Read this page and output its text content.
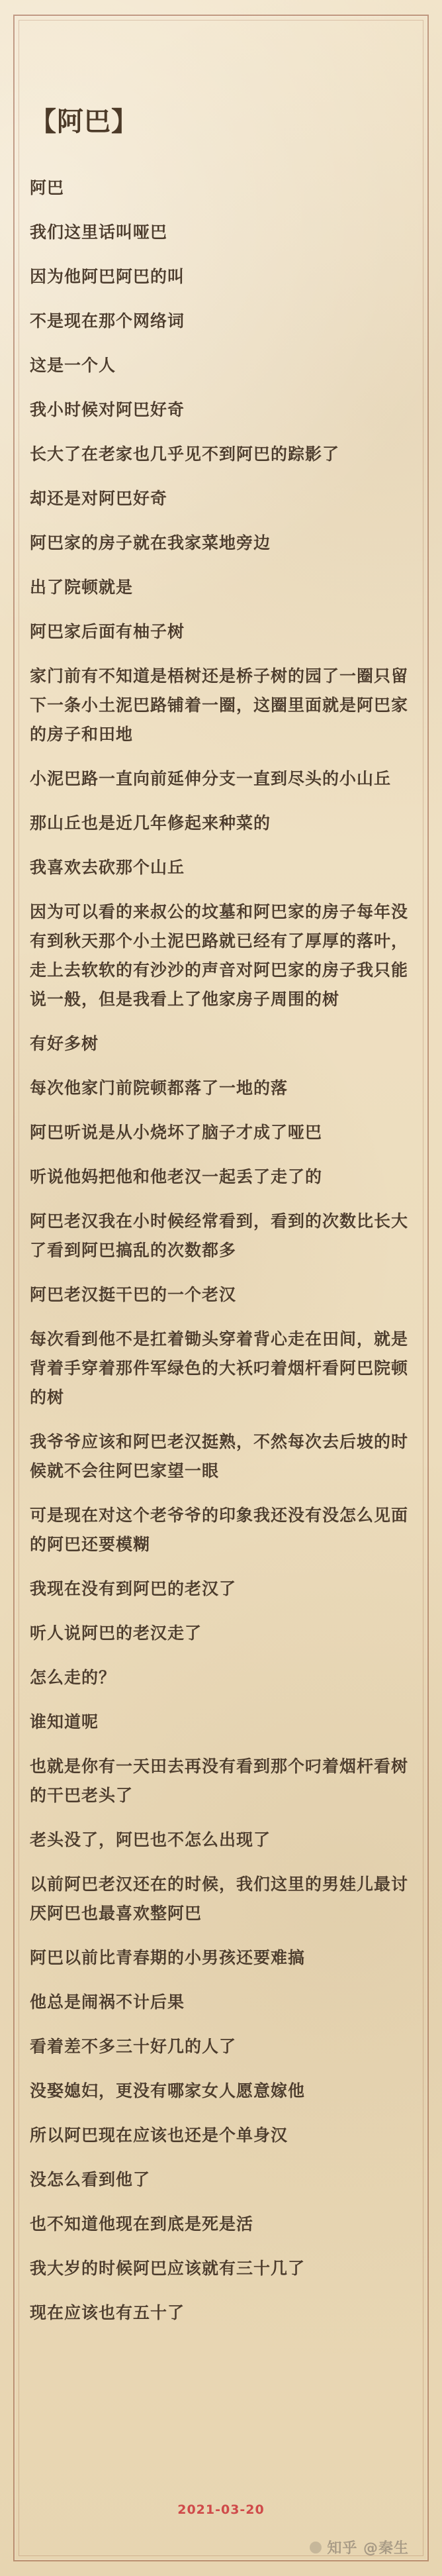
【阿巴】

阿巴

我们这里话叫哑巴

因为他阿巴阿巴的叫

不是现在那个网络词

这是一个人

我小时候对阿巴好奇

长大了在老家也几乎见不到阿巴的踪影了

却还是对阿巴好奇

阿巴家的房子就在我家菜地旁边

出了院顿就是

阿巴家后面有柚子树

家门前有不知道是梧树还是桥子树的园了一圈只留下一条小土泥巴路铺着一圈，这圈里面就是阿巴家的房子和田地

小泥巴路一直向前延伸分支一直到尽头的小山丘

那山丘也是近几年修起来种菜的

我喜欢去砍那个山丘

因为可以看的来叔公的坟墓和阿巴家的房子每年没有到秋天那个小土泥巴路就已经有了厚厚的落叶，走上去软软的有沙沙的声音对阿巴家的房子我只能说一般，但是我看上了他家房子周围的树

有好多树

每次他家门前院顿都落了一地的落

阿巴听说是从小烧坏了脑子才成了哑巴

听说他妈把他和他老汉一起丢了走了的

阿巴老汉我在小时候经常看到，看到的次数比长大了看到阿巴搞乱的次数都多

阿巴老汉挺干巴的一个老汉

每次看到他不是扛着锄头穿着背心走在田间，就是背着手穿着那件军绿色的大袄叼着烟杆看阿巴院顿的树

我爷爷应该和阿巴老汉挺熟，不然每次去后坡的时候就不会往阿巴家望一眼

可是现在对这个老爷爷的印象我还没有没怎么见面的阿巴还要模糊

我现在没有到阿巴的老汉了

听人说阿巴的老汉走了

怎么走的？

谁知道呢

也就是你有一天田去再没有看到那个叼着烟杆看树的干巴老头了

老头没了，阿巴也不怎么出现了

以前阿巴老汉还在的时候，我们这里的男娃儿最讨厌阿巴也最喜欢整阿巴

阿巴以前比青春期的小男孩还要难搞

他总是闹祸不计后果

看着差不多三十好几的人了

没娶媳妇，更没有哪家女人愿意嫁他

所以阿巴现在应该也还是个单身汉

没怎么看到他了

也不知道他现在到底是死是活

我大岁的时候阿巴应该就有三十几了

现在应该也有五十了

2021-03-20
知乎 @秦生
